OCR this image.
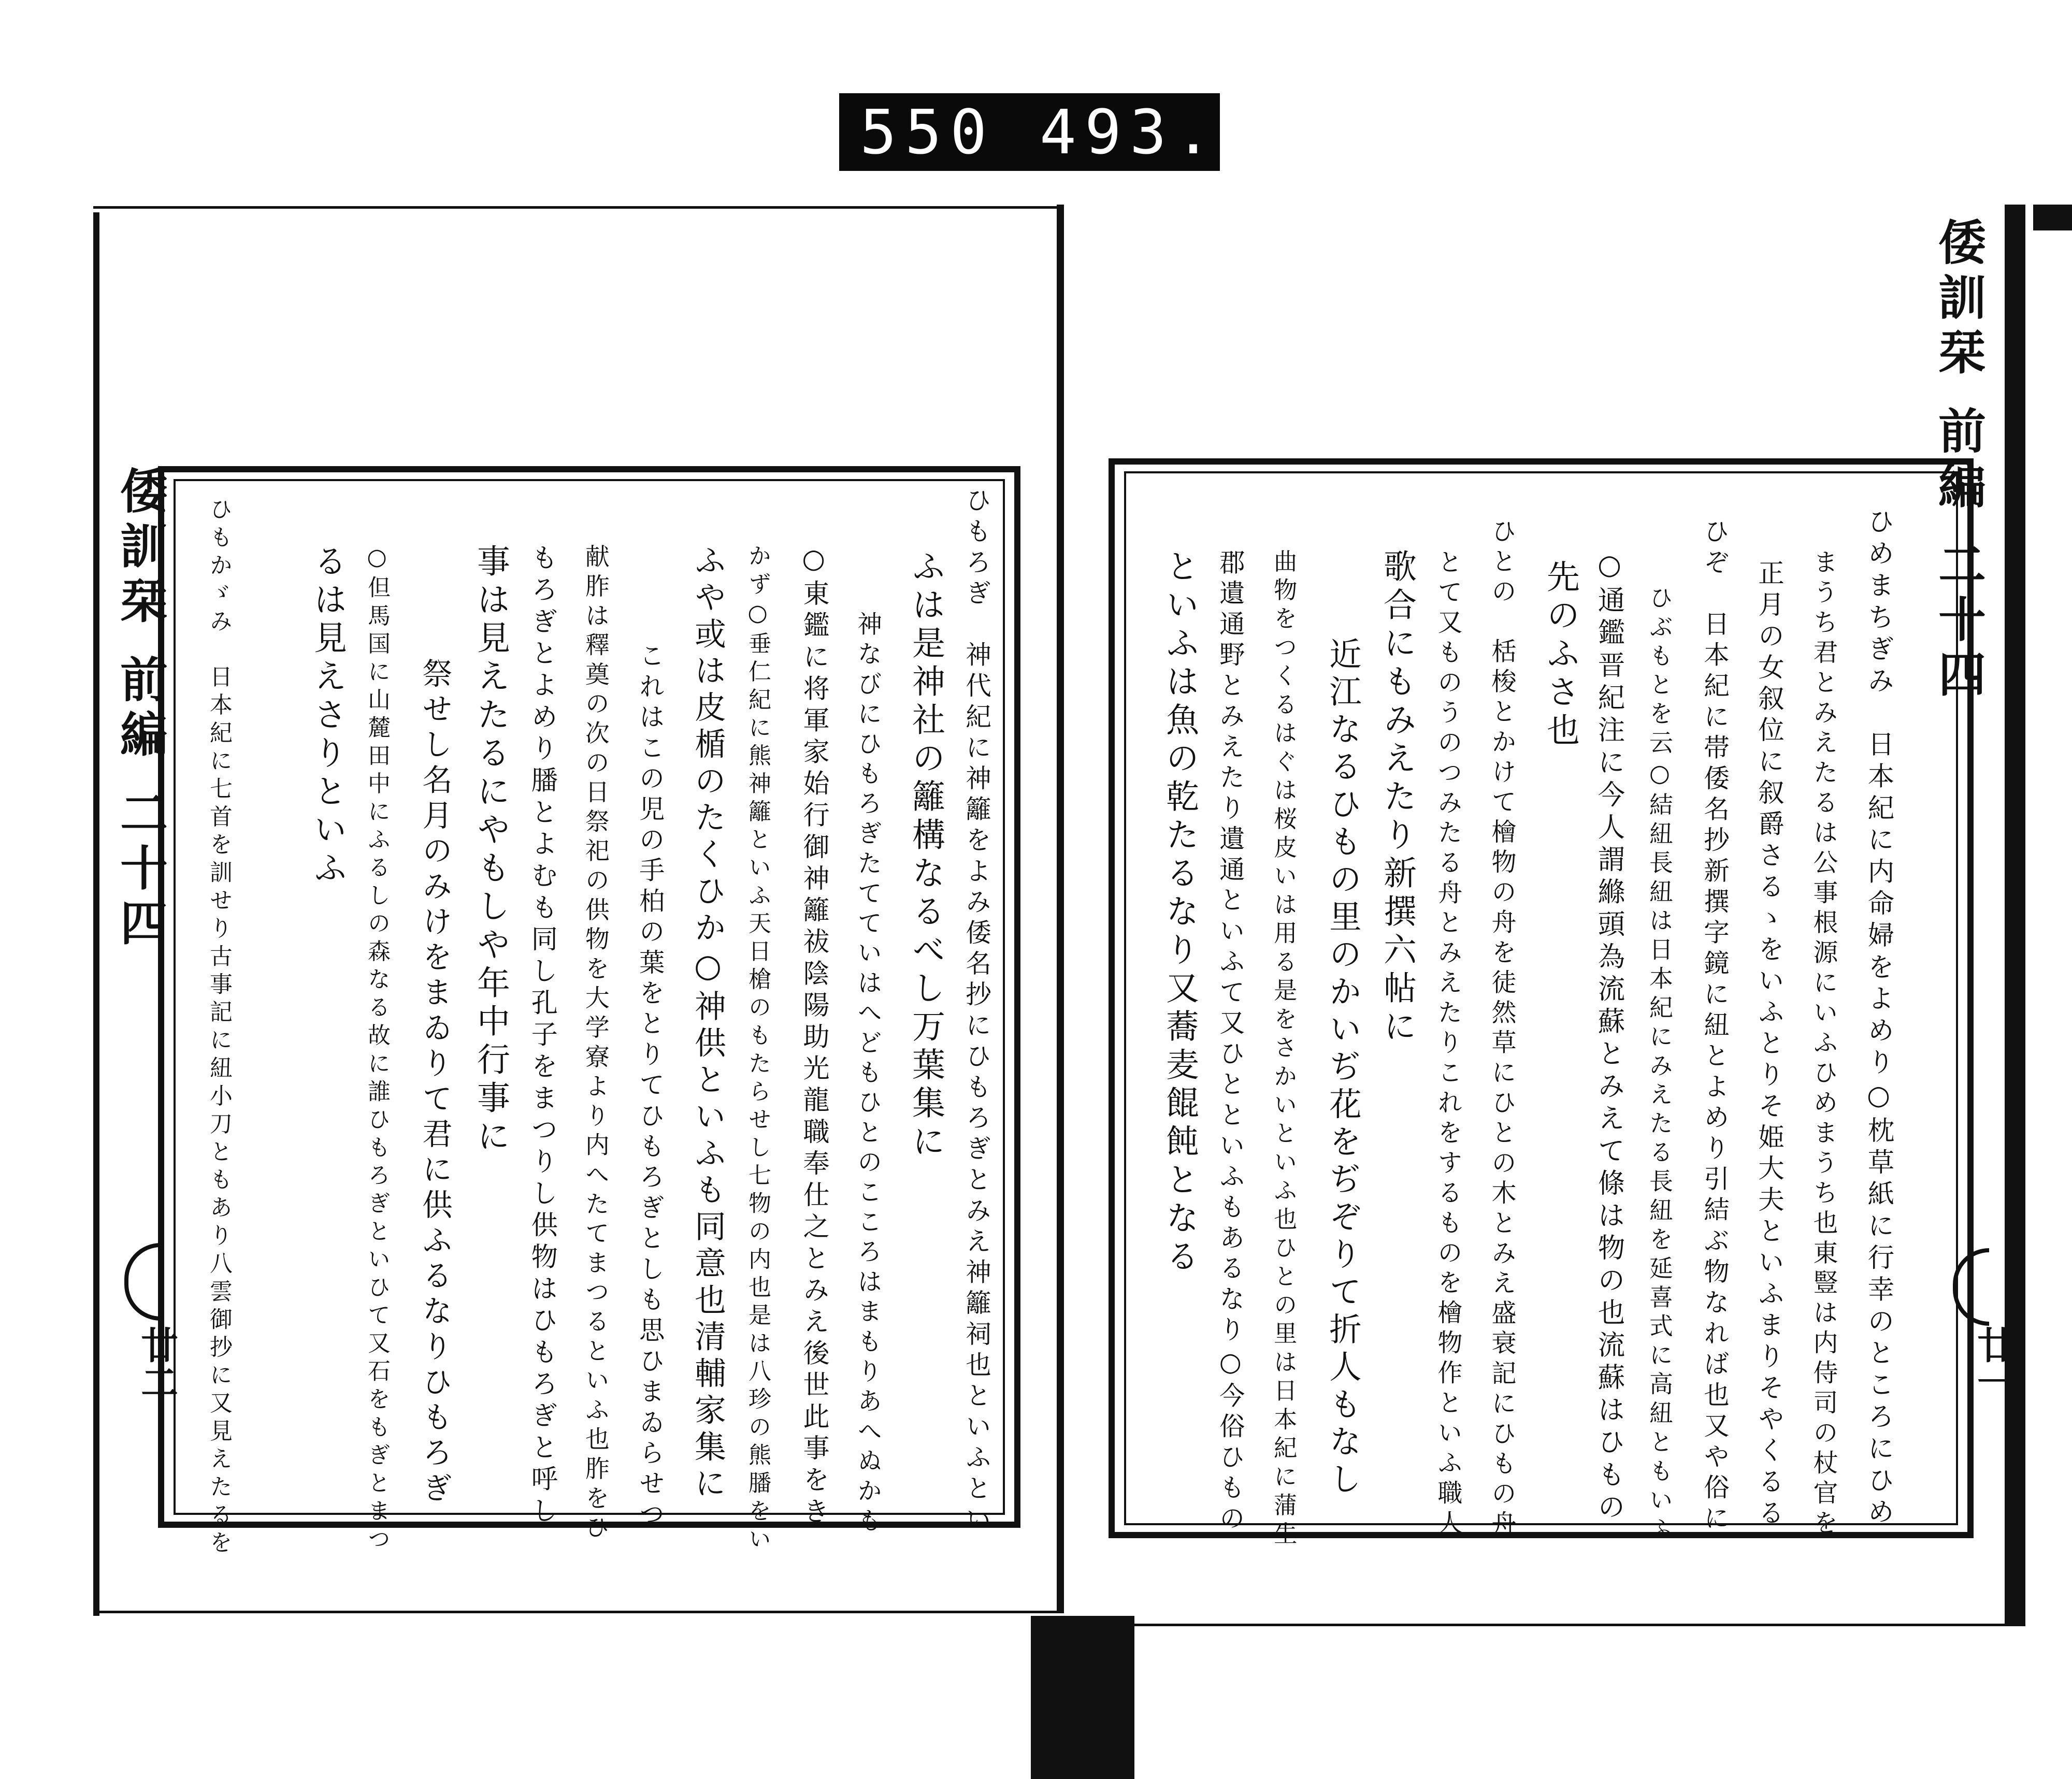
550 493.
倭訓栞 前編 二十四
廿一
ひめまちぎみ　日本紀に内命婦をよめり○枕草紙に行幸のところにひめ
まうち君とみえたるは公事根源にいふひめまうち也東豎は内侍司の杖官を
正月の女叙位に叙爵さるゝをいふとりそ姫大夫といふまりそやくるる
ひぞ　日本紀に帯倭名抄新撰字鏡に紐とよめり引結ぶ物なれば也又や俗に
ひぶもとを云○結紐長紐は日本紀にみえたる長紐を延喜式に高紐ともいふ
○通鑑晋紀注に今人謂縧頭為流蘇とみえて條は物の也流蘇はひもの
先のふさ也
ひとの　栝梭とかけて檜物の舟を徒然草にひとの木とみえ盛衰記にひもの舟
とて又ものうのつみたる舟とみえたりこれをするものを檜物作といふ職人
歌合にもみえたり新撰六帖に
近江なるひもの里のかいぢ花をぢぞりて折人もなし
曲物をつくるはぐは桜皮いは用る是をさかいといふ也ひとの里は日本紀に蒲生
郡遺通野とみえたり遺通といふて又ひとといふもあるなり○今俗ひもの
といふは魚の乾たるなり又蕎麦餛飩となる
倭訓栞 前編 二十四
廿二	ひもろぎ　神代紀に神籬をよみ倭名抄にひもろぎとみえ神籬祠也といふとい
ふは是神社の籬構なるべし万葉集に
神なびにひもろぎたてていはへどもひとのこころはまもりあへぬかも
○東鑑に将軍家始行御神籬祓陰陽助光龍職奉仕之とみえ後世此事をき
かず○垂仁紀に熊神籬といふ天日槍のもたらせし七物の内也是は八珍の熊膰をい
ふや或は皮楯のたくひか○神供といふも同意也清輔家集に
これはこの児の手柏の葉をとりてひもろぎとしも思ひまゐらせつ
献胙は釋奠の次の日祭祀の供物を大学寮より内へたてまつるといふ也胙をひ
もろぎとよめり膰とよむも同し孔子をまつりし供物はひもろぎと呼し
事は見えたるにやもしや年中行事に
祭せし名月のみけをまゐりて君に供ふるなりひもろぎ
○但馬国に山麓田中にふるしの森なる故に誰ひもろぎといひて又石をもぎとまつ
るは見えさりといふ
ひもかゞみ　日本紀に七首を訓せり古事記に紐小刀ともあり八雲御抄に又見えたるを
